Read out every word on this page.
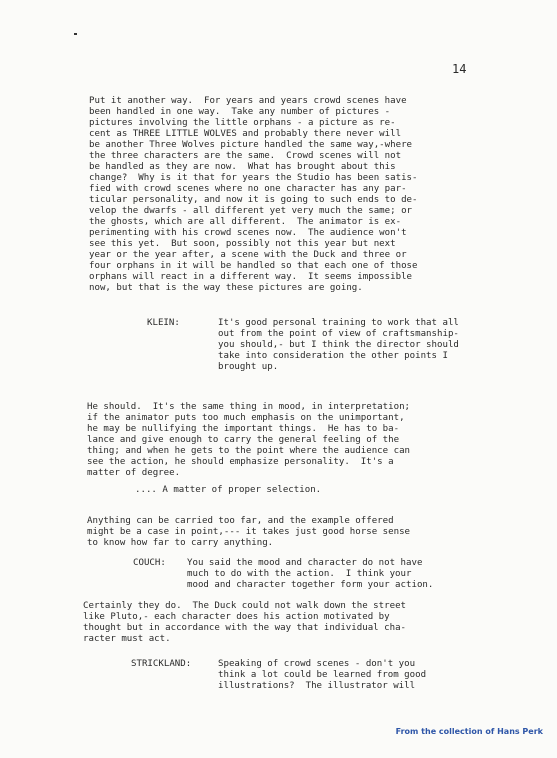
14
Put it another way.  For years and years crowd scenes have
been handled in one way.  Take any number of pictures -
pictures involving the little orphans - a picture as re-
cent as THREE LITTLE WOLVES and probably there never will
be another Three Wolves picture handled the same way,-where
the three characters are the same.  Crowd scenes will not
be handled as they are now.  What has brought about this
change?  Why is it that for years the Studio has been satis-
fied with crowd scenes where no one character has any par-
ticular personality, and now it is going to such ends to de-
velop the dwarfs - all different yet very much the same; or
the ghosts, which are all different.  The animator is ex-
perimenting with his crowd scenes now.  The audience won't
see this yet.  But soon, possibly not this year but next
year or the year after, a scene with the Duck and three or
four orphans in it will be handled so that each one of those
orphans will react in a different way.  It seems impossible
now, but that is the way these pictures are going.
KLEIN:	It's good personal training to work that all
out from the point of view of craftsmanship-
you should,- but I think the director should
take into consideration the other points I
brought up.
He should.  It's the same thing in mood, in interpretation;
if the animator puts too much emphasis on the unimportant,
he may be nullifying the important things.  He has to ba-
lance and give enough to carry the general feeling of the
thing; and when he gets to the point where the audience can
see the action, he should emphasize personality.  It's a
matter of degree.
.... A matter of proper selection.
Anything can be carried too far, and the example offered
might be a case in point,--- it takes just good horse sense
to know how far to carry anything.
COUCH: You said the mood and character do not have
much to do with the action.  I think your
mood and character together form your action.
Certainly they do.  The Duck could not walk down the street
like Pluto,- each character does his action motivated by
thought but in accordance with the way that individual cha-
racter must act.
STRICKLAND:	Speaking of crowd scenes - don't you
think a lot could be learned from good
illustrations?  The illustrator will
From the collection of Hans Perk
